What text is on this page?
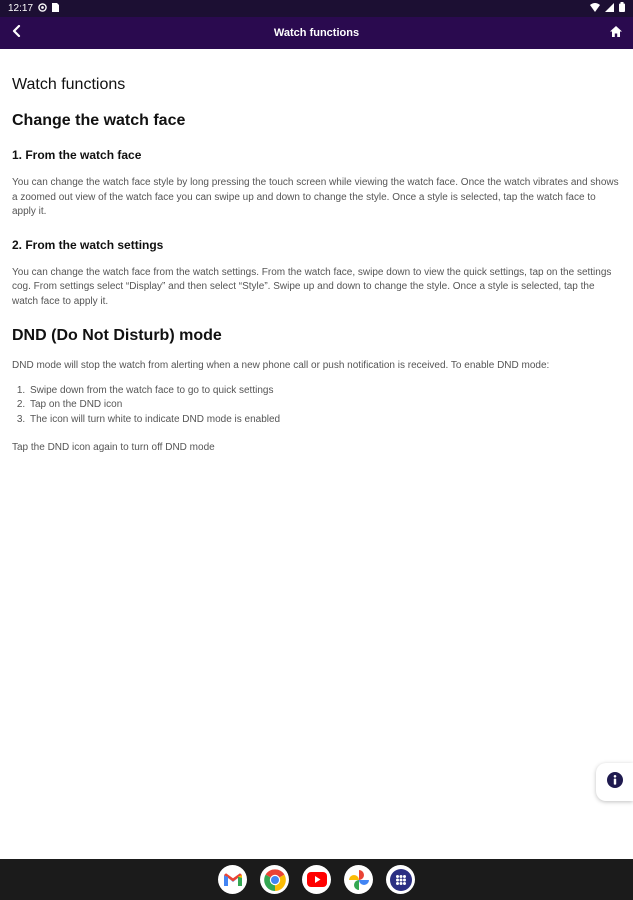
12:17
Watch functions
Watch functions
Change the watch face
1. From the watch face

You can change the watch face style by long pressing the touch screen while viewing the watch face. Once the watch vibrates and shows a zoomed out view of the watch face you can swipe up and down to change the style. Once a style is selected, tap the watch face to apply it.

2. From the watch settings

You can change the watch face from the watch settings. From the watch face, swipe down to view the quick settings, tap on the settings cog. From settings select “Display” and then select “Style”. Swipe up and down to change the style. Once a style is selected, tap the watch face to apply it.

DND (Do Not Disturb) mode

DND mode will stop the watch from alerting when a new phone call or push notification is received. To enable DND mode:

1. Swipe down from the watch face to go to quick settings
2. Tap on the DND icon
3. The icon will turn white to indicate DND mode is enabled

Tap the DND icon again to turn off DND mode
